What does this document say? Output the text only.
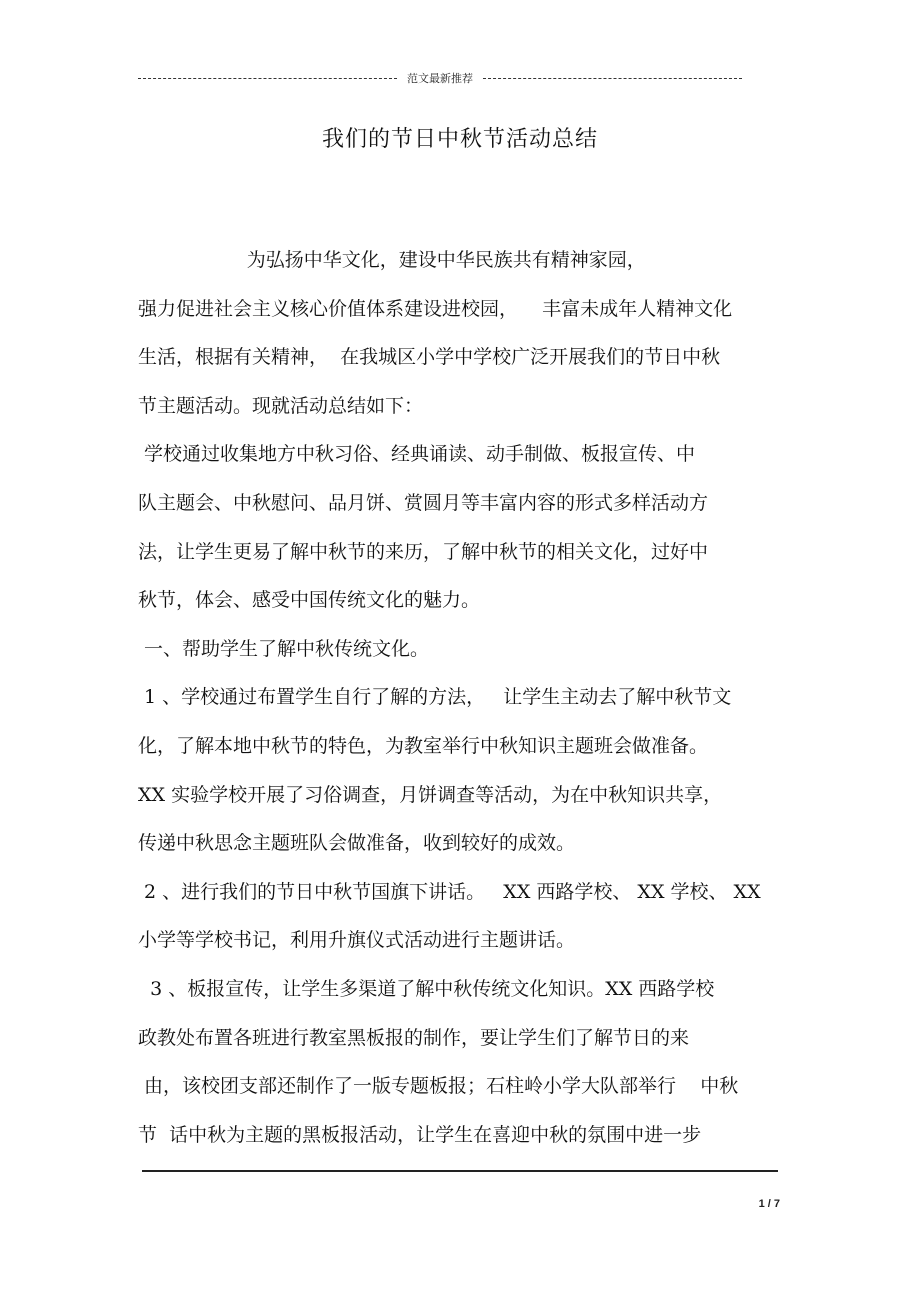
范文最新推荐
我们的节日中秋节活动总结
为弘扬中华文化，建设中华民族共有精神家园，
强力促进社会主义核心价值体系建设进校园，    丰富未成年人精神文化
生活，根据有关精神，  在我城区小学中学校广泛开展我们的节日中秋
节主题活动。现就活动总结如下：
学校通过收集地方中秋习俗、经典诵读、动手制做、板报宣传、中
队主题会、中秋慰问、品月饼、赏圆月等丰富内容的形式多样活动方
法，让学生更易了解中秋节的来历，了解中秋节的相关文化，过好中
秋节，体会、感受中国传统文化的魅力。
一、帮助学生了解中秋传统文化。
1 、学校通过布置学生自行了解的方法，   让学生主动去了解中秋节文
化，了解本地中秋节的特色，为教室举行中秋知识主题班会做准备。
XX 实验学校开展了习俗调查，月饼调查等活动，为在中秋知识共享，
传递中秋思念主题班队会做准备，收到较好的成效。
2 、进行我们的节日中秋节国旗下讲话。   XX 西路学校、 XX 学校、 XX
小学等学校书记，利用升旗仪式活动进行主题讲话。
3 、板报宣传，让学生多渠道了解中秋传统文化知识。XX 西路学校
政教处布置各班进行教室黑板报的制作，要让学生们了解节日的来
由，该校团支部还制作了一版专题板报；石柱岭小学大队部举行    中秋
节  话中秋为主题的黑板报活动，让学生在喜迎中秋的氛围中进一步
1 / 7
